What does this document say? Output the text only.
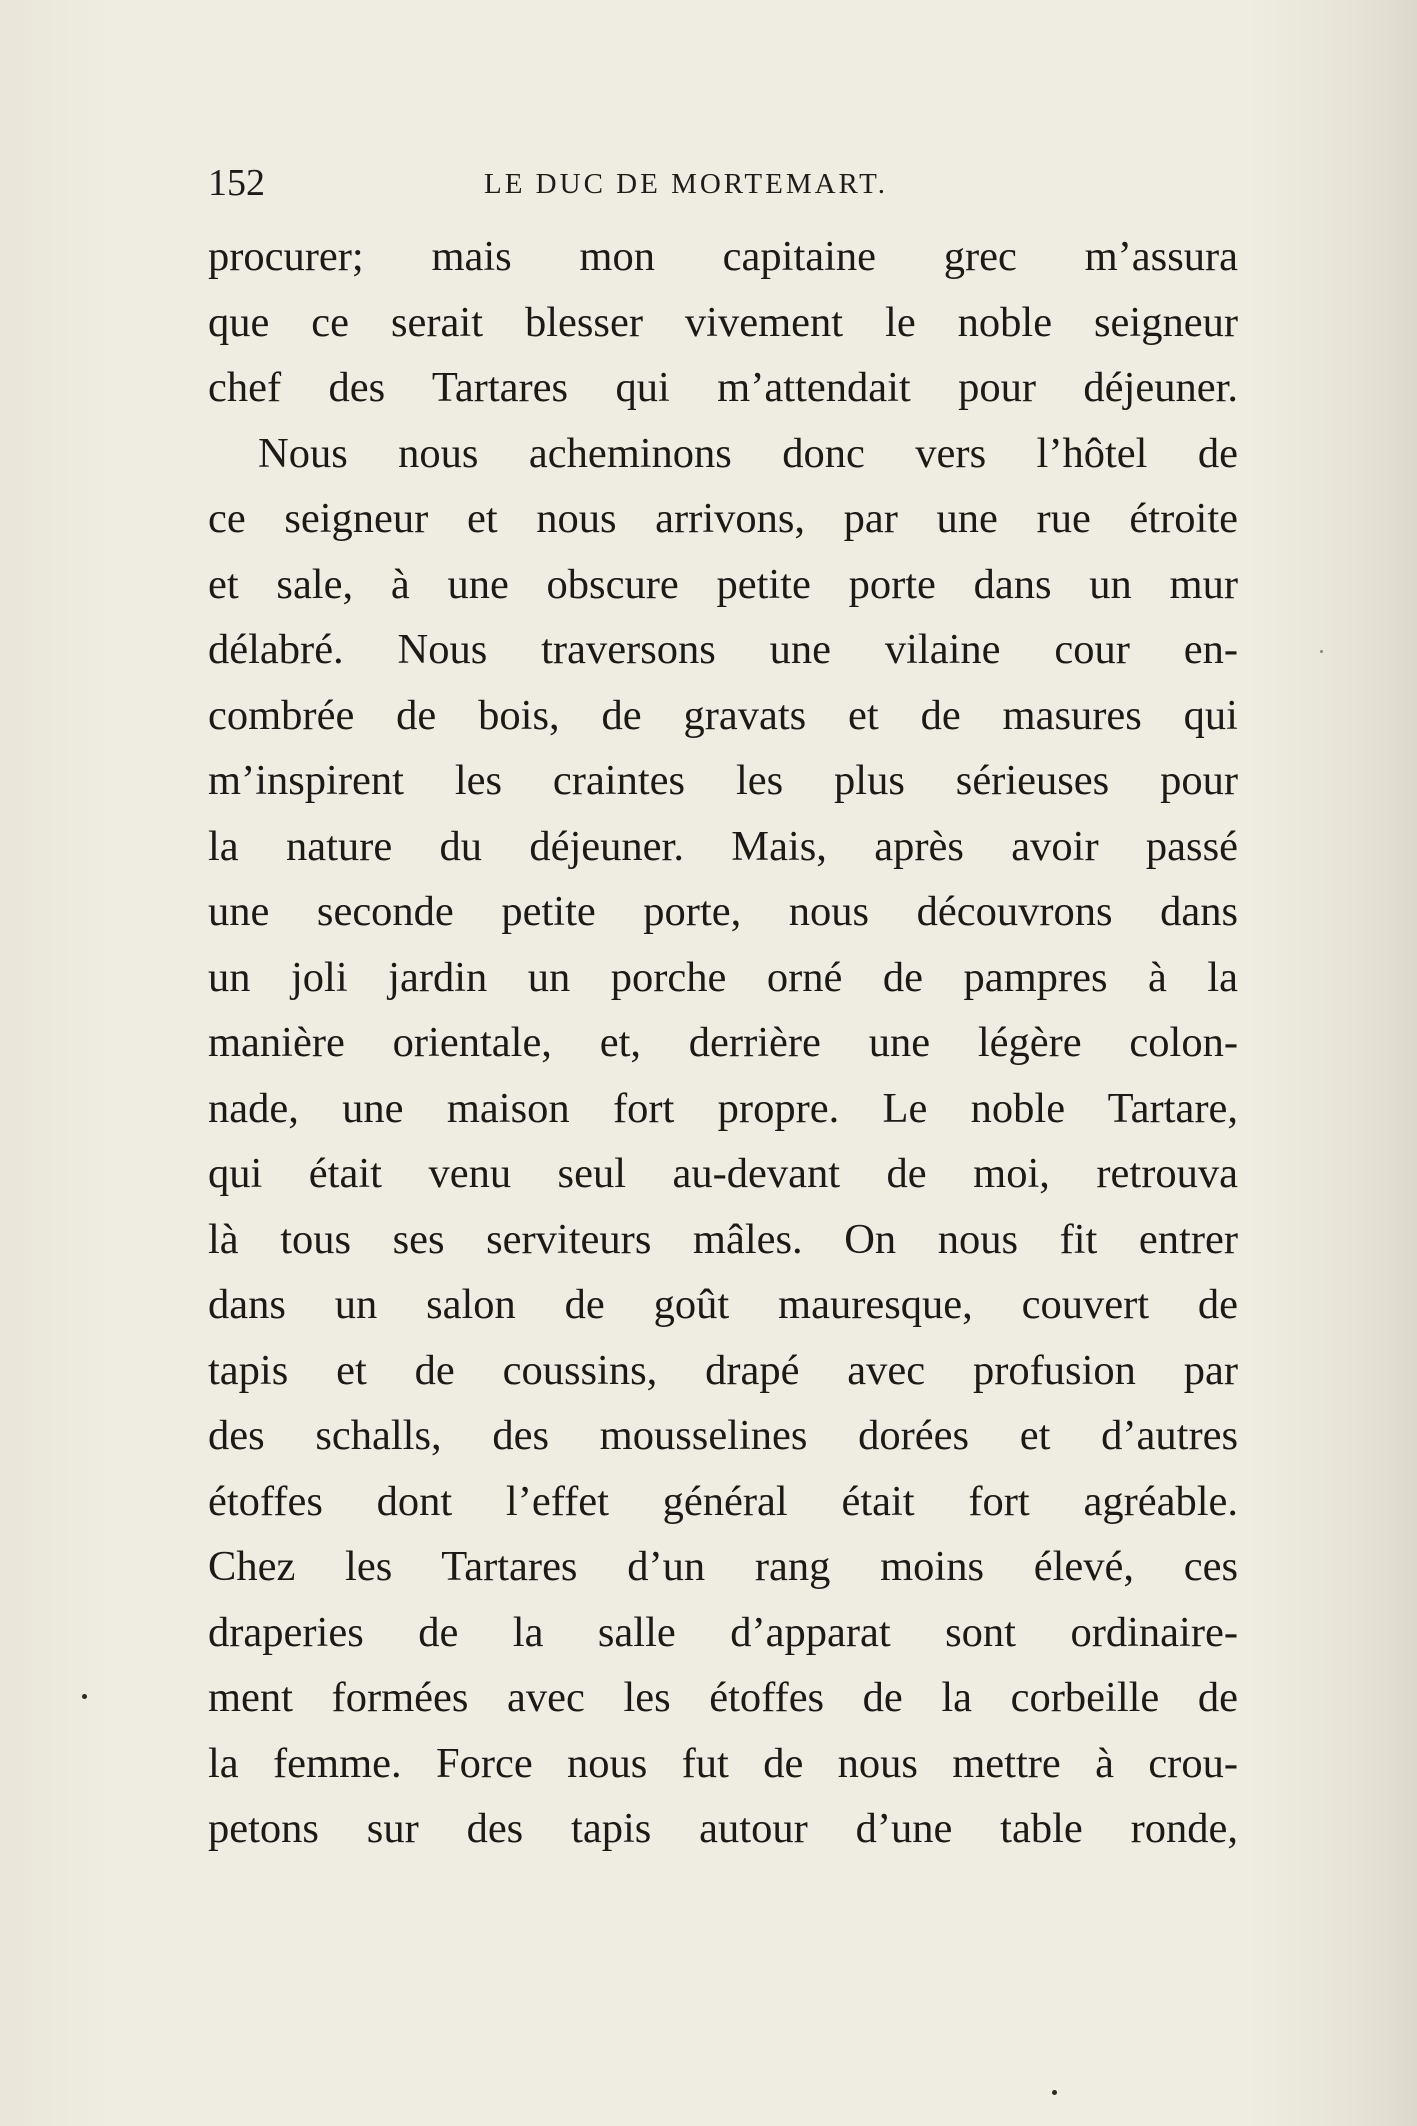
152	LE DUC DE MORTEMART.
procurer; mais mon capitaine grec m’assura
que ce serait blesser vivement le noble seigneur
chef des Tartares qui m’attendait pour déjeuner.
Nous nous acheminons donc vers l’hôtel de
ce seigneur et nous arrivons, par une rue étroite
et sale, à une obscure petite porte dans un mur
délabré. Nous traversons une vilaine cour en-
combrée de bois, de gravats et de masures qui
m’inspirent les craintes les plus sérieuses pour
la nature du déjeuner. Mais, après avoir passé
une seconde petite porte, nous découvrons dans
un joli jardin un porche orné de pampres à la
manière orientale, et, derrière une légère colon-
nade, une maison fort propre. Le noble Tartare,
qui était venu seul au-devant de moi, retrouva
là tous ses serviteurs mâles. On nous fit entrer
dans un salon de goût mauresque, couvert de
tapis et de coussins, drapé avec profusion par
des schalls, des mousselines dorées et d’autres
étoffes dont l’effet général était fort agréable.
Chez les Tartares d’un rang moins élevé, ces
draperies de la salle d’apparat sont ordinaire-
ment formées avec les étoffes de la corbeille de
la femme. Force nous fut de nous mettre à crou-
petons sur des tapis autour d’une table ronde,
